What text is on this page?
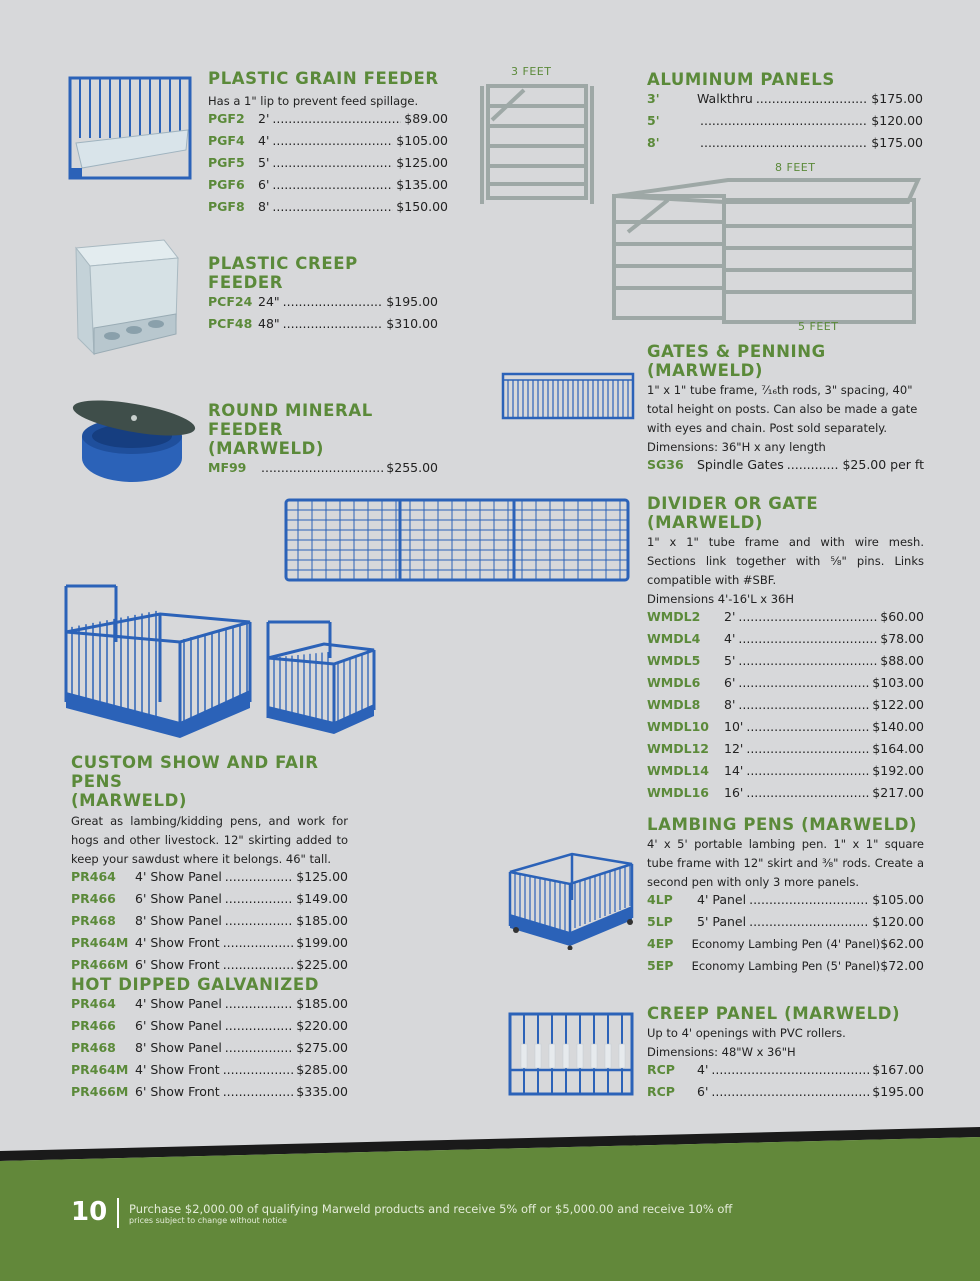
PLASTIC GRAIN FEEDER
Has a 1" lip to prevent feed spillage.
PGF2	2' .....	$89.00
PGF4	4' .....	$105.00
PGF5	5' .....	$125.00
PGF6	6' .....	$135.00
PGF8	8' .....	$150.00
PLASTIC CREEP FEEDER
PCF24 24" .....	$195.00
PCF48 48" .....	$310.00
ROUND MINERAL FEEDER
(MARWELD)
MF99 .....	$255.00
3 FEET
8 FEET
5 FEET
ALUMINUM PANELS
3'	Walkthru .....	$175.00
5' .....	$120.00
8' .....	$175.00
GATES & PENNING (MARWELD)
1" x 1" tube frame, ⁷⁄₁₆th rods, 3" spacing, 40" total height on posts. Can also be made a gate with eyes and chain. Post sold separately.
Dimensions: 36"H x any length
SG36	Spindle Gates .....	$25.00 per ft
DIVIDER OR GATE (MARWELD)
1" x 1" tube frame and with wire mesh. Sections link together with ⅝" pins. Links compatible with #SBF.
Dimensions 4'-16'L x 36H
WMDL2	2' .....	$60.00
WMDL4	4' .....	$78.00
WMDL5	5' .....	$88.00
WMDL6	6' .....	$103.00
WMDL8	8' .....	$122.00
WMDL10	10' .....	$140.00
WMDL12	12' .....	$164.00
WMDL14	14' .....	$192.00
WMDL16	16' .....	$217.00
CUSTOM SHOW AND FAIR PENS
(MARWELD)
Great as lambing/kidding pens, and work for hogs and other livestock. 12" skirting added to keep your sawdust where it belongs. 46" tall.
PR464	4' Show Panel .....	$125.00
PR466	6' Show Panel .....	$149.00
PR468	8' Show Panel .....	$185.00
PR464M 4' Show Front .....	$199.00
PR466M 6' Show Front .....	$225.00
HOT DIPPED GALVANIZED
PR464	4' Show Panel .....	$185.00
PR466	6' Show Panel .....	$220.00
PR468	8' Show Panel .....	$275.00
PR464M 4' Show Front .....	$285.00
PR466M 6' Show Front .....	$335.00
LAMBING PENS (MARWELD)
4' x 5' portable lambing pen. 1" x 1" square tube frame with 12" skirt and ⅜" rods. Create a second pen with only 3 more panels.
4LP	4' Panel .....	$105.00
5LP	5' Panel .....	$120.00
4EP	Economy Lambing Pen (4' Panel) $62.00
5EP	Economy Lambing Pen (5' Panel) $72.00
CREEP PANEL (MARWELD)
Up to 4' openings with PVC rollers.
Dimensions: 48"W x 36"H
RCP	4' .....	$167.00
RCP	6' .....	$195.00
10 Purchase $2,000.00 of qualifying Marweld products and receive 5% off or $5,000.00 and receive 10% off
prices subject to change without notice
